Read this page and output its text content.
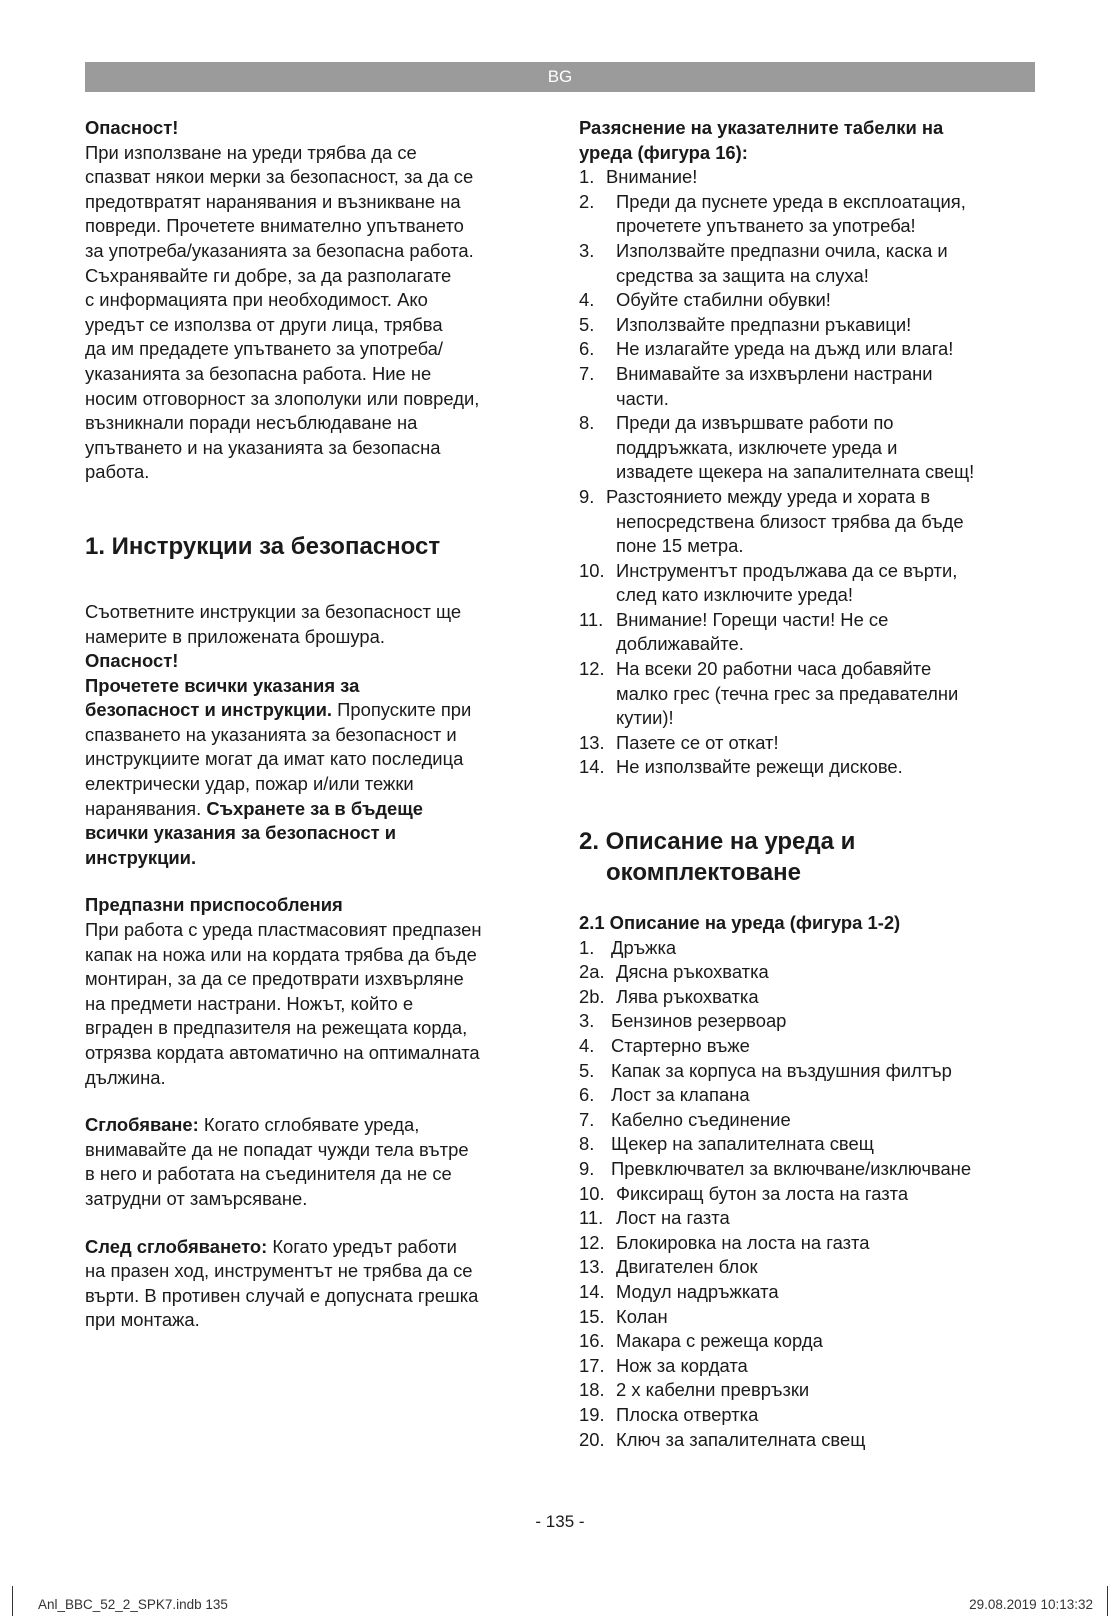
BG

Опасност!

При използване на уреди трябва да се

спазват някои мерки за безопасност, за да се

предотвратят наранявания и възникване на

повреди. Прочетете внимателно упътването

за употреба/указанията за безопасна работа.

Съхранявайте ги добре, за да разполагате

с информацията при необходимост. Ако

уредът се използва от други лица, трябва

да им предадете упътването за употреба/

указанията за безопасна работа. Ние не

носим отговорност за злополуки или повреди,

възникнали поради несъблюдаване на

упътването и на указанията за безопасна

работа.

1. Инструкции за безопасност

Съответните инструкции за безопасност ще

намерите в приложената брошура.

Опасност!

Прочетете всички указания за

безопасност и инструкции. Пропуските при

спазването на указанията за безопасност и

инструкциите могат да имат като последица

електрически удар, пожар и/или тежки

наранявания. Съхранете за в бъдеще

всички указания за безопасност и

инструкции.

Предпазни приспособления

При работа с уреда пластмасовият предпазен

капак на ножа или на кордата трябва да бъде

монтиран, за да се предотврати изхвърляне

на предмети настрани. Ножът, който е

вграден в предпазителя на режещата корда,

отрязва кордата автоматично на оптималната

дължина.

Сглобяване: Когато сглобявате уреда,

внимавайте да не попадат чужди тела вътре

в него и работата на съединителя да не се

затрудни от замърсяване.

След сглобяването: Когато уредът работи

на празен ход, инструментът не трябва да се

върти. В противен случай е допусната грешка

при монтажа.

Разяснение на указателните табелки на

уреда (фигура 16):

1. Внимание!
2. Преди да пуснете уреда в експлоатация,
прочетете упътването за употреба!
3. Използвайте предпазни очила, каска и
средства за защита на слуха!
4. Обуйте стабилни обувки!
5. Използвайте предпазни ръкавици!
6. Не излагайте уреда на дъжд или влага!
7. Внимавайте за изхвърлени настрани
части.
8. Преди да извършвате работи по
поддръжката, изключете уреда и
извадете щекера на запалителната свещ!
9. Разстоянието между уреда и хората в
непосредствена близост трябва да бъде
поне 15 метра.
10. Инструментът продължава да се върти,
след като изключите уреда!
11. Внимание! Горещи части! Не се
доближавайте.
12. На всеки 20 работни часа добавяйте
малко грес (течна грес за предавателни
кутии)!
13. Пазете се от откат!
14. Не използвайте режещи дискове.
2. Описание на уреда и
окомплектоване

2.1 Описание на уреда (фигура 1-2)

1. Дръжка
2a. Дясна ръкохватка
2b. Лява ръкохватка
3. Бензинов резервоар
4. Стартерно въже
5. Капак за корпуса на въздушния филтър
6. Лост за клапана
7. Кабелно съединение
8. Щекер на запалителната свещ
9. Превключвател за включване/изключване
10. Фиксиращ бутон за лоста на газта
11. Лост на газта
12. Блокировка на лоста на газта
13. Двигателен блок
14. Модул надръжката
15. Колан
16. Макара с режеща корда
17. Нож за кордата
18. 2 x кабелни превръзки
19. Плоска отвертка
20. Ключ за запалителната свещ
- 135 -
Anl_BBC_52_2_SPK7.indb 135	29.08.2019 10:13:32
